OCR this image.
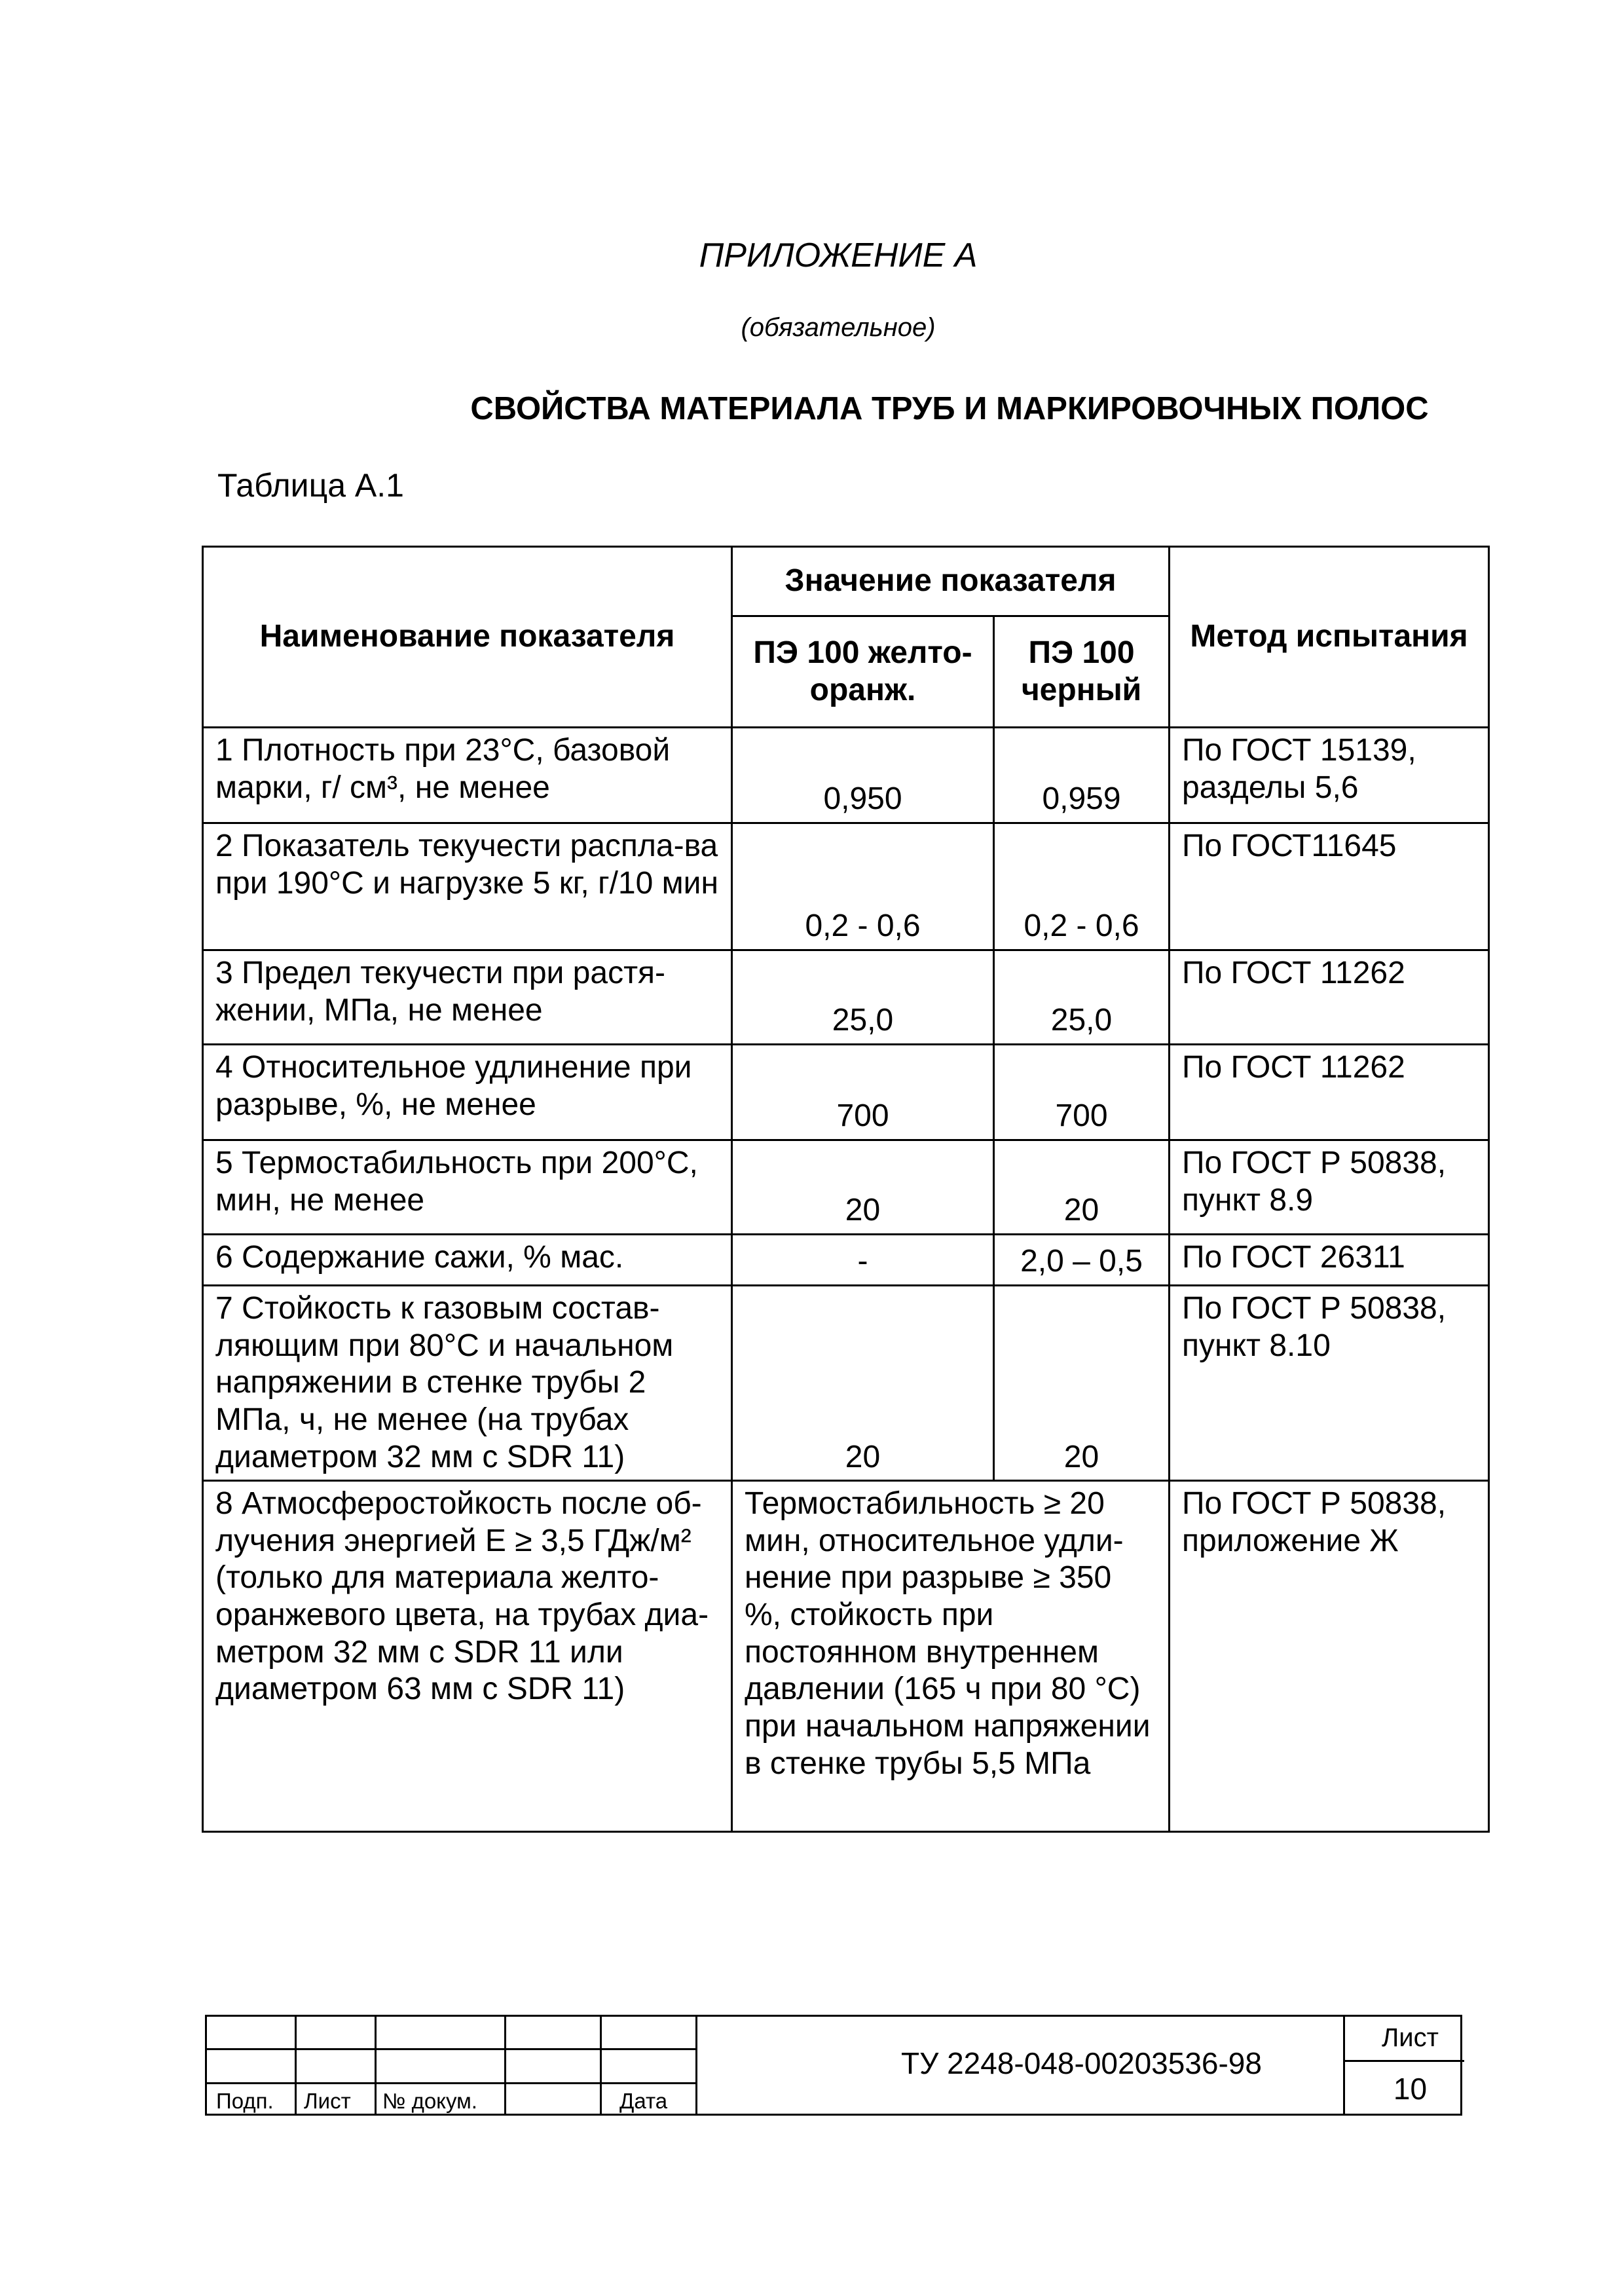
ПРИЛОЖЕНИЕ А
(обязательное)
СВОЙСТВА МАТЕРИАЛА ТРУБ И МАРКИРОВОЧНЫХ ПОЛОС
Таблица А.1
Наименование показателя	Значение показателя		Метод испытания
	ПЭ 100 желто-оранж.	ПЭ 100 черный	
1 Плотность при 23°С, базовой марки, г/ см³, не менее	0,950	0,959	По ГОСТ 15139, разделы 5,6
2 Показатель текучести распла-ва при 190°С и нагрузке 5 кг, г/10 мин	0,2 - 0,6	0,2 - 0,6	По ГОСТ11645
3 Предел текучести при растя-жении, МПа, не менее	25,0	25,0	По ГОСТ 11262
4 Относительное удлинение при разрыве, %, не менее	700	700	По ГОСТ 11262
5 Термостабильность при 200°С, мин, не менее	20	20	По ГОСТ Р 50838, пункт 8.9
6 Содержание сажи, % мас.	-	2,0 – 0,5	По ГОСТ 26311
7 Стойкость к газовым состав-ляющим при 80°С и начальном напряжении в стенке трубы 2 МПа, ч, не менее (на трубах диаметром 32 мм с SDR 11)	20	20	По ГОСТ Р 50838, пункт 8.10
8 Атмосферостойкость после об-лучения энергией Е ≥ 3,5 ГДж/м² (только для материала желто-оранжевого цвета, на трубах диа-метром 32 мм с SDR 11 или диаметром 63 мм с SDR 11)	Термостабильность ≥ 20 мин, относительное удли-нение при разрыве ≥ 350 %, стойкость при постоянном внутреннем давлении (165 ч при 80 °С) при начальном напряжении в стенке трубы 5,5 МПа		По ГОСТ Р 50838, приложение Ж
Подп. Лист № докум.	Дата
ТУ 2248-048-00203536-98
Лист
10
